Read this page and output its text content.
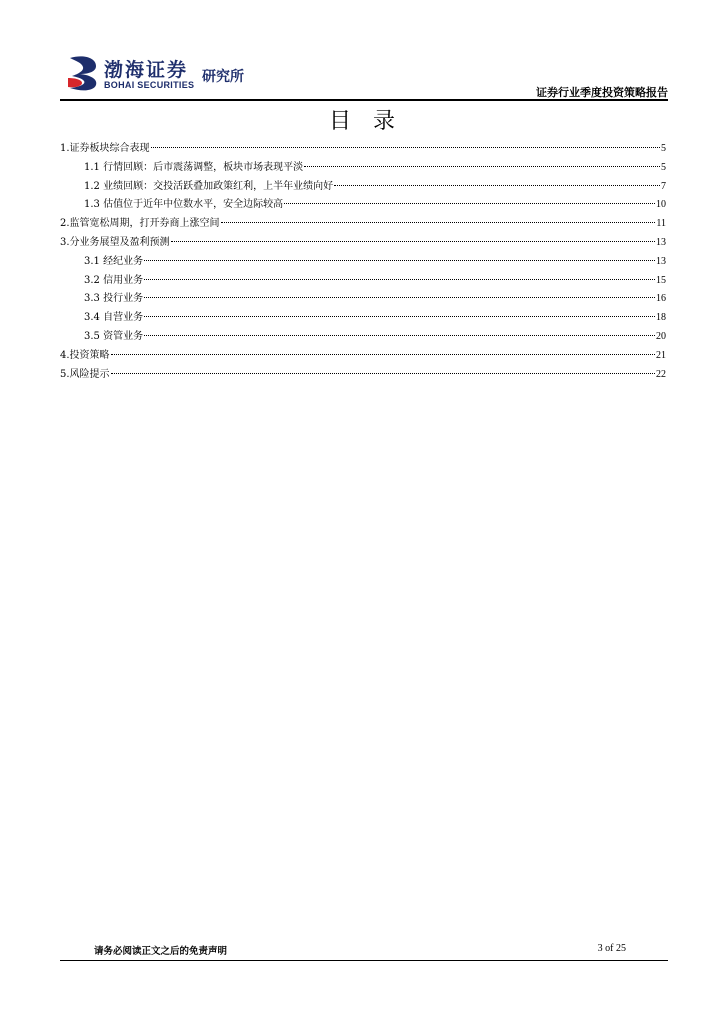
渤海证券
BOHAI SECURITIES 研究所
证券行业季度投资策略报告
目录
1.证券板块综合表现	5
1.1 行情回顾：后市震荡调整，板块市场表现平淡	5
1.2 业绩回顾：交投活跃叠加政策红利，上半年业绩向好	7
1.3 估值位于近年中位数水平，安全边际较高	10
2.监管宽松周期，打开券商上涨空间	11
3.分业务展望及盈利预测	13
3.1 经纪业务	13
3.2 信用业务	15
3.3 投行业务	16
3.4 自营业务	18
3.5 资管业务	20
4.投资策略	21
5.风险提示	22
请务必阅读正文之后的免责声明	3 of 25
